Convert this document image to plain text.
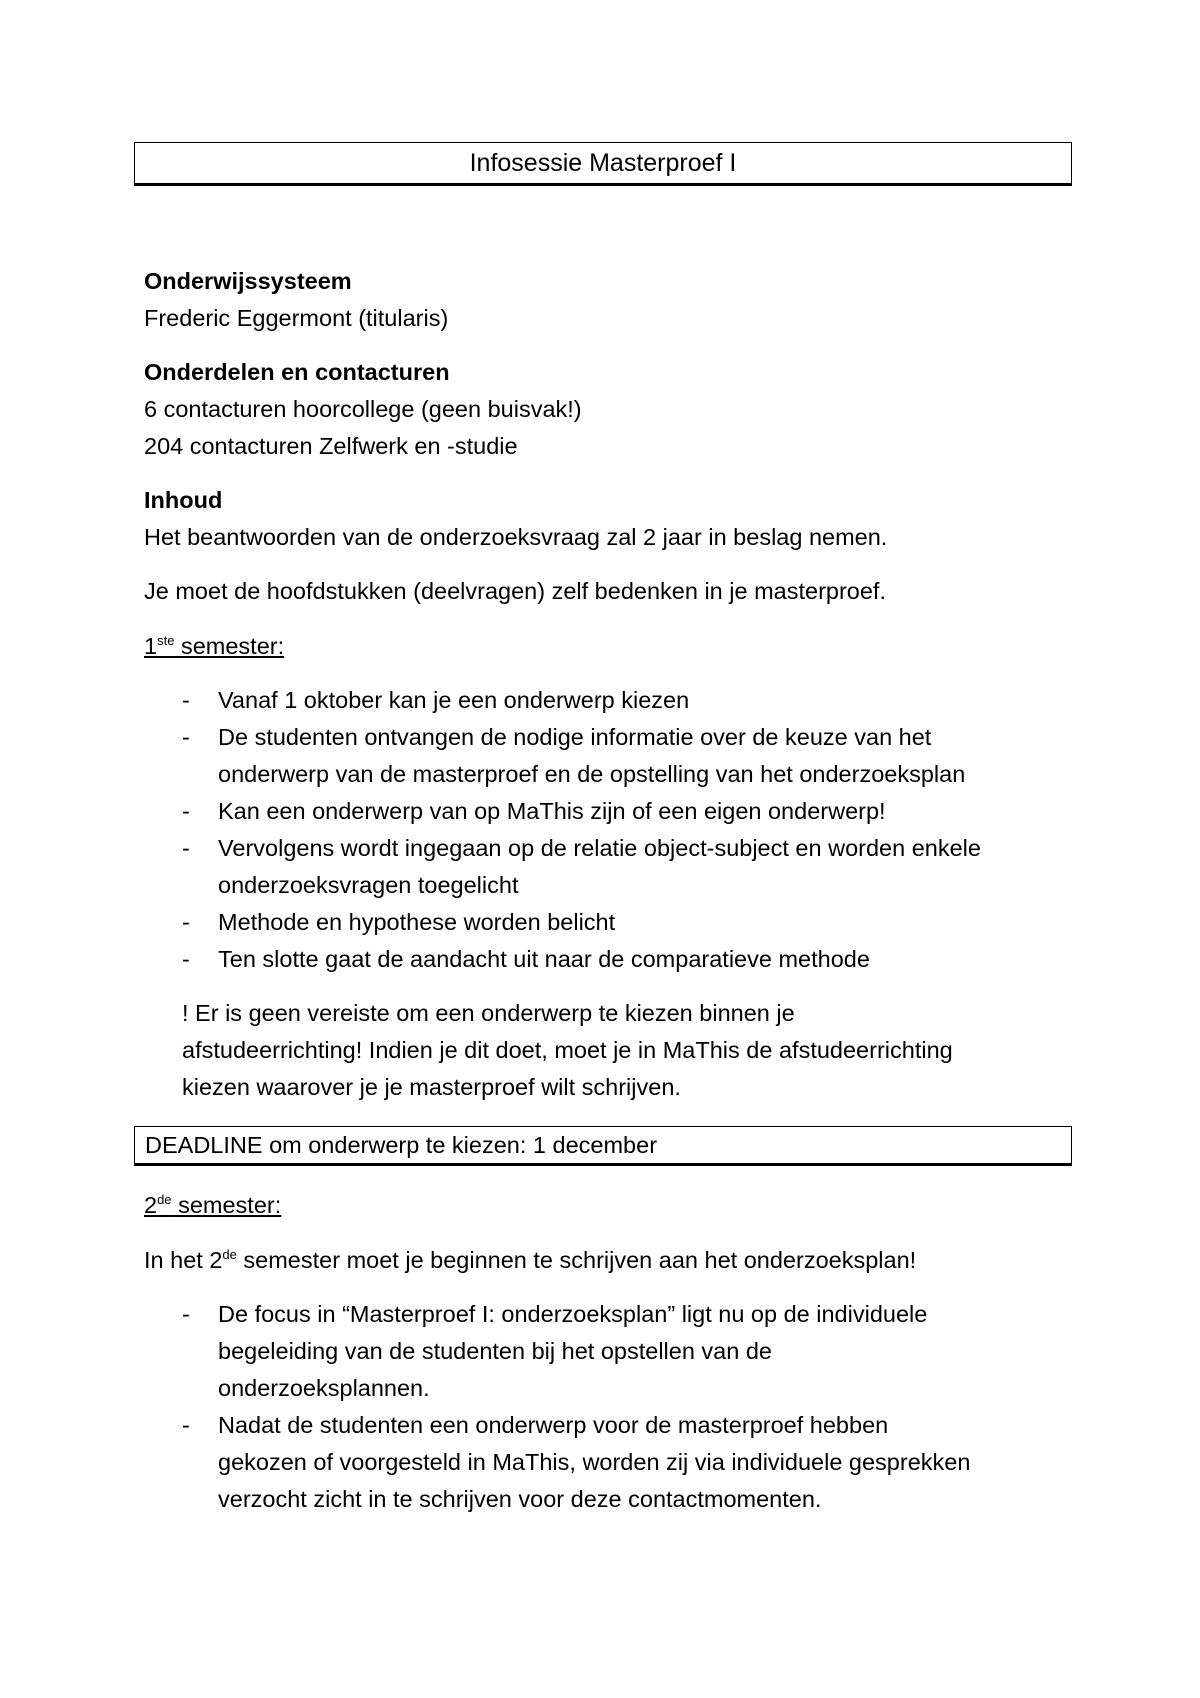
Infosessie Masterproef I
Onderwijssysteem
Frederic Eggermont (titularis)
Onderdelen en contacturen
6 contacturen hoorcollege (geen buisvak!)
204 contacturen Zelfwerk en -studie
Inhoud
Het beantwoorden van de onderzoeksvraag zal 2 jaar in beslag nemen.
Je moet de hoofdstukken (deelvragen) zelf bedenken in je masterproef.
1ste semester:
- Vanaf 1 oktober kan je een onderwerp kiezen
- De studenten ontvangen de nodige informatie over de keuze van het
onderwerp van de masterproef en de opstelling van het onderzoeksplan
- Kan een onderwerp van op MaThis zijn of een eigen onderwerp!
- Vervolgens wordt ingegaan op de relatie object-subject en worden enkele
onderzoeksvragen toegelicht
- Methode en hypothese worden belicht
- Ten slotte gaat de aandacht uit naar de comparatieve methode
! Er is geen vereiste om een onderwerp te kiezen binnen je
afstudeerrichting! Indien je dit doet, moet je in MaThis de afstudeerrichting
kiezen waarover je je masterproef wilt schrijven.
DEADLINE om onderwerp te kiezen: 1 december
2de semester:
In het 2de semester moet je beginnen te schrijven aan het onderzoeksplan!
- De focus in “Masterproef I: onderzoeksplan” ligt nu op de individuele
begeleiding van de studenten bij het opstellen van de
onderzoeksplannen.
- Nadat de studenten een onderwerp voor de masterproef hebben
gekozen of voorgesteld in MaThis, worden zij via individuele gesprekken
verzocht zicht in te schrijven voor deze contactmomenten.
